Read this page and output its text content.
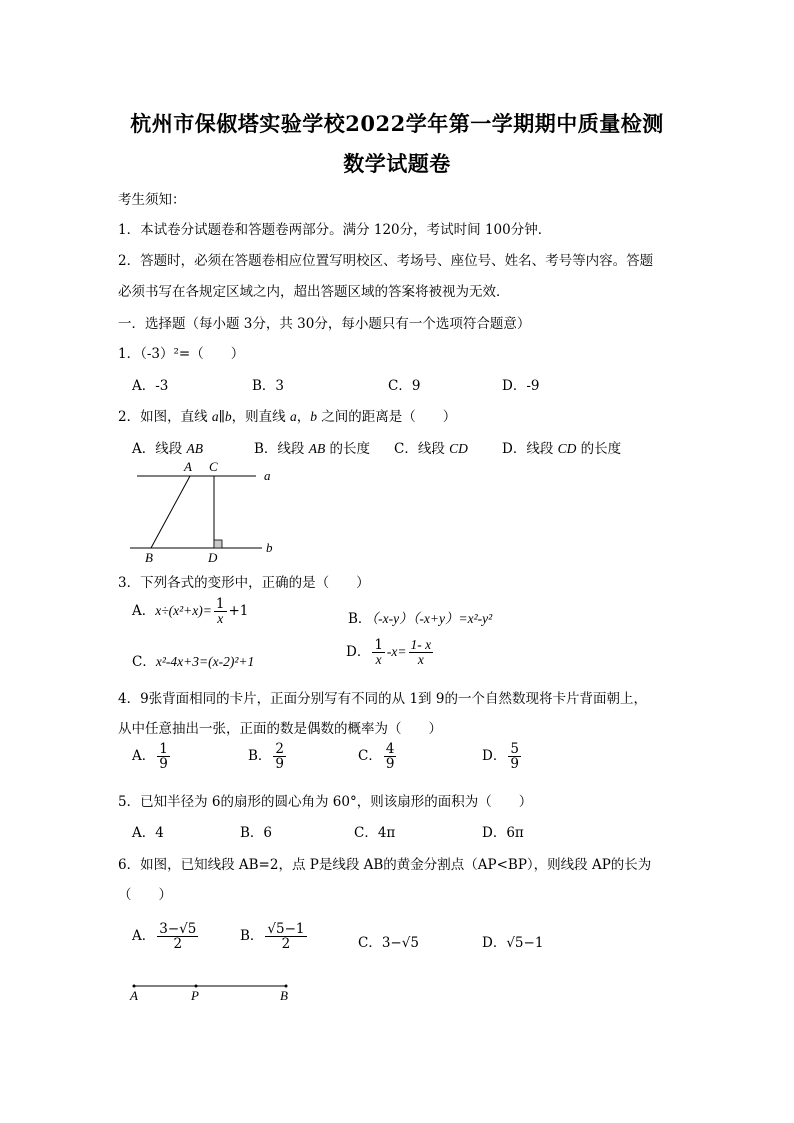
杭州市保俶塔实验学校2022学年第一学期期中质量检测
数学试题卷
考生须知：
1．本试卷分试题卷和答题卷两部分。满分 120分，考试时间 100分钟．
2．答题时，必须在答题卷相应位置写明校区、考场号、座位号、姓名、考号等内容。答题
必须书写在各规定区域之内，超出答题区域的答案将被视为无效．
一．选择题（每小题 3分，共 30分，每小题只有一个选项符合题意）
1．（-3）²=（　　）
A．-3	B．3	C．9	D．-9
2．如图，直线 a∥b，则直线 a，b 之间的距离是（　　）
A．线段 AB	B．线段 AB 的长度 C．线段 CD	D．线段 CD 的长度
A C
a
B	D
b
3．下列各式的变形中，正确的是（　　）
A．$x\div(x^2+x)= \frac{1}{x} +1$	B．（-x-y）（-x+y）=x²-y²
C．x²-4x+3=(x-2)²+1
D． $\frac{1}{x} -x= \frac{1- x}{x}$
4．9张背面相同的卡片，正面分别写有不同的从 1到 9的一个自然数现将卡片背面朝上，
从中任意抽出一张，正面的数是偶数的概率为（　　）
A． $\frac{1}{9}$	B． $\frac{2}{9}$	C． $\frac{4}{9}$	D． $\frac{5}{9}$
5．已知半径为 6的扇形的圆心角为 60°，则该扇形的面积为（　　）
A．4	B．6	C．4π	D．6π
6．如图，已知线段 AB=2，点 P是线段 AB的黄金分割点（AP<BP），则线段 AP的长为
（　　）
A． $\frac{3-√5}{2}$	B． $\frac{√5-1}{2}$	C．3−√5	D．√5−1
A	P	B
